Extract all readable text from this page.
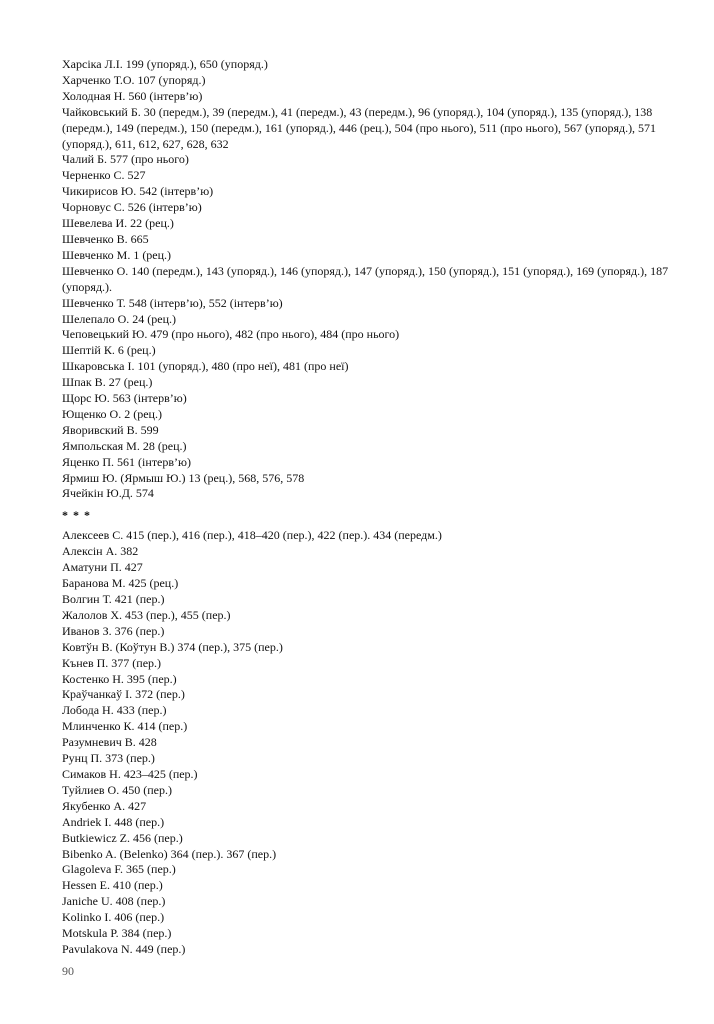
Харсіка Л.І. 199 (упоряд.), 650 (упоряд.)

Харченко Т.О. 107 (упоряд.)

Холодная Н. 560 (інтерв’ю)

Чайковський Б. 30 (передм.), 39 (передм.), 41 (передм.), 43 (передм.), 96 (упоряд.), 104 (упоряд.), 135 (упоряд.), 138 (передм.), 149 (передм.), 150 (передм.), 161 (упоряд.), 446 (рец.), 504 (про нього), 511 (про нього), 567 (упоряд.), 571 (упоряд.), 611, 612, 627, 628, 632

Чалий Б. 577 (про нього)

Черненко С. 527

Чикирисов Ю. 542 (інтерв’ю)

Чорновус С. 526 (інтерв’ю)

Шевелева И. 22 (рец.)

Шевченко В. 665

Шевченко М. 1 (рец.)

Шевченко О. 140 (передм.), 143 (упоряд.), 146 (упоряд.), 147 (упоряд.), 150 (упоряд.), 151 (упоряд.), 169 (упоряд.), 187 (упоряд.).

Шевченко Т. 548 (інтерв’ю), 552 (інтерв’ю)

Шелепало О. 24 (рец.)

Чеповецький Ю. 479 (про нього), 482 (про нього), 484 (про нього)

Шептій К. 6 (рец.)

Шкаровська І. 101 (упоряд.), 480 (про неї), 481 (про неї)

Шпак В. 27 (рец.)

Щорс Ю. 563 (інтерв’ю)

Ющенко О. 2 (рец.)

Яворивский В. 599

Ямпольская М. 28 (рец.)

Яценко П. 561 (інтерв’ю)

Ярмиш Ю. (Ярмыш Ю.) 13 (рец.), 568, 576, 578

Ячейкін Ю.Д. 574

* * *

Алексеев С. 415 (пер.), 416 (пер.), 418–420 (пер.), 422 (пер.). 434 (передм.)

Алексін А. 382

Аматуни П. 427

Баранова М. 425 (рец.)

Волгин Т. 421 (пер.)

Жалолов Х. 453 (пер.), 455 (пер.)

Иванов З. 376 (пер.)

Ковтўн В. (Коўтун В.) 374 (пер.), 375 (пер.)

Кънев П. 377 (пер.)

Костенко Н. 395 (пер.)

Краўчанкаў І. 372 (пер.)

Лобода Н. 433 (пер.)

Млинченко К. 414 (пер.)

Разумневич В. 428

Рунц П. 373 (пер.)

Симаков Н. 423–425 (пер.)

Туйлиев О. 450 (пер.)

Якубенко А. 427

Andriek I. 448 (пер.)

Butkiewicz Z. 456 (пер.)

Bibenko A. (Belenko) 364 (пер.). 367 (пер.)

Glagoleva F. 365 (пер.)

Hessen E. 410 (пер.)

Janiche U. 408 (пер.)

Kolinko I. 406 (пер.)

Motskula P. 384 (пер.)

Pavulakova N. 449 (пер.)

90
